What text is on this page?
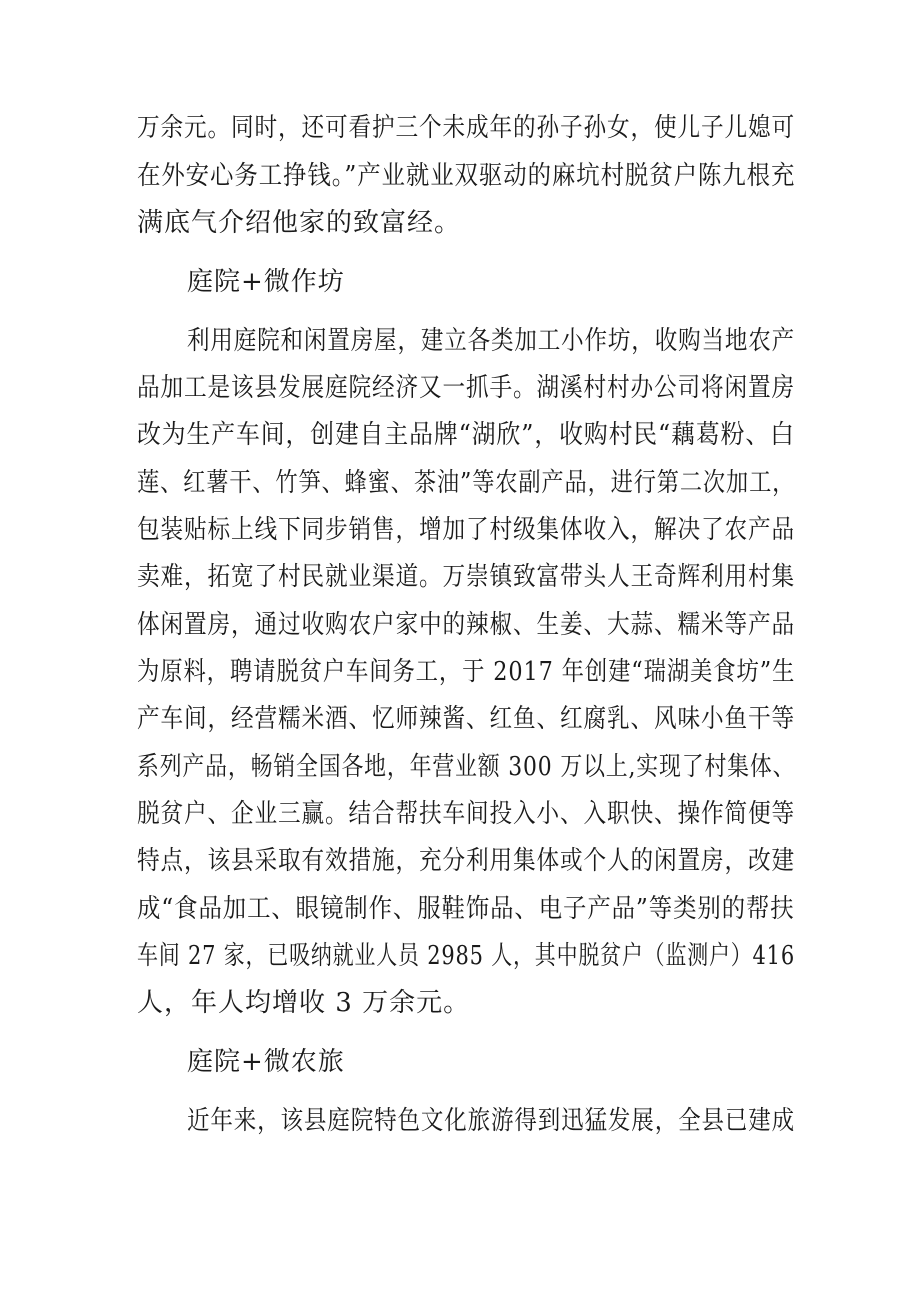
万余元。同时，还可看护三个未成年的孙子孙女，使儿子儿媳可
在外安心务工挣钱。”产业就业双驱动的麻坑村脱贫户陈九根充
满底气介绍他家的致富经。
庭院+微作坊
利用庭院和闲置房屋，建立各类加工小作坊，收购当地农产
品加工是该县发展庭院经济又一抓手。湖溪村村办公司将闲置房
改为生产车间，创建自主品牌“湖欣”，收购村民“藕葛粉、白
莲、红薯干、竹笋、蜂蜜、茶油”等农副产品，进行第二次加工，
包装贴标上线下同步销售，增加了村级集体收入，解决了农产品
卖难，拓宽了村民就业渠道。万崇镇致富带头人王奇辉利用村集
体闲置房，通过收购农户家中的辣椒、生姜、大蒜、糯米等产品
为原料，聘请脱贫户车间务工，于 2017 年创建“瑞湖美食坊”生
产车间，经营糯米酒、忆师辣酱、红鱼、红腐乳、风味小鱼干等
系列产品，畅销全国各地，年营业额 300 万以上,实现了村集体、
脱贫户、企业三赢。结合帮扶车间投入小、入职快、操作简便等
特点，该县采取有效措施，充分利用集体或个人的闲置房，改建
成“食品加工、眼镜制作、服鞋饰品、电子产品”等类别的帮扶
车间 27 家，已吸纳就业人员 2985 人，其中脱贫户（监测户）416
人，年人均增收 3 万余元。
庭院+微农旅
近年来，该县庭院特色文化旅游得到迅猛发展，全县已建成
